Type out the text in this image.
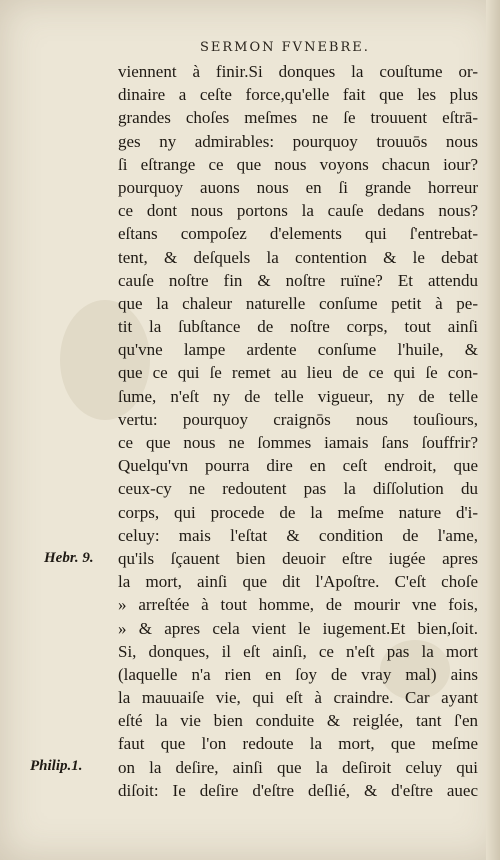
SERMON FVNEBRE.
viennent à finir.Si donques la couſtume or-
dinaire a ceſte force,qu'elle fait que les plus
grandes choſes meſmes ne ſe trouuent eſtrā-
ges ny admirables: pourquoy trouuōs nous
ſi eſtrange ce que nous voyons chacun iour?
pourquoy auons nous en ſi grande horreur
ce dont nous portons la cauſe dedans nous?
eſtans compoſez d'elements qui ſ'entrebat-
tent, & deſquels la contention & le debat
cauſe noſtre fin & noſtre ruïne? Et attendu
que la chaleur naturelle conſume petit à pe-
tit la ſubſtance de noſtre corps, tout ainſi
qu'vne lampe ardente conſume l'huile, &
que ce qui ſe remet au lieu de ce qui ſe con-
ſume, n'eſt ny de telle vigueur, ny de telle
vertu: pourquoy craignōs nous touſiours,
ce que nous ne ſommes iamais ſans ſouffrir?
Quelqu'vn pourra dire en ceſt endroit, que
ceux-cy ne redoutent pas la diſſolution du
corps, qui procede de la meſme nature d'i-
celuy: mais l'eſtat & condition de l'ame,
qu'ils ſçauent bien deuoir eſtre iugée apres
la mort, ainſi que dit l'Apoſtre. C'eſt choſe
» arreſtée à tout homme, de mourir vne fois,
» & apres cela vient le iugement.Et bien,ſoit.
Si, donques, il eſt ainſi, ce n'eſt pas la mort
(laquelle n'a rien en ſoy de vray mal) ains
la mauuaiſe vie, qui eſt à craindre. Car ayant
eſté la vie bien conduite & reiglée, tant ſ'en
faut que l'on redoute la mort, que meſme
on la deſire, ainſi que la deſiroit celuy qui
diſoit: Ie deſire d'eſtre deſlié, & d'eſtre auec
Hebr. 9.
Philip.1.
